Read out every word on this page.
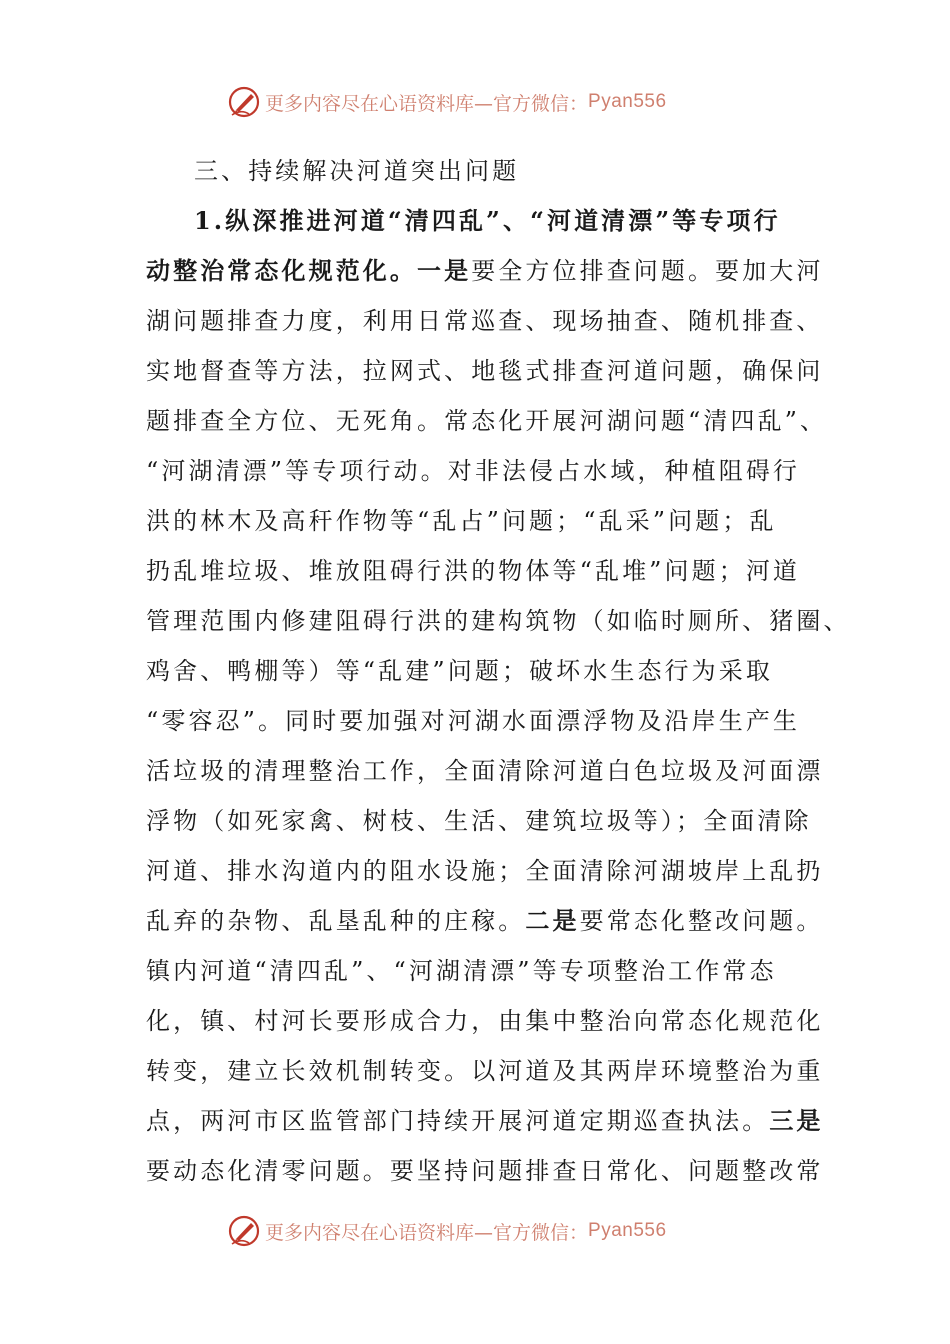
更多内容尽在心语资料库—官方微信： Pyan556
三、持续解决河道突出问题
1.纵深推进河道“清四乱”、“河道清漂”等专项行
动整治常态化规范化。一是要全方位排查问题。要加大河
湖问题排查力度，利用日常巡查、现场抽查、随机排查、
实地督查等方法，拉网式、地毯式排查河道问题，确保问
题排查全方位、无死角。常态化开展河湖问题“清四乱”、
“河湖清漂”等专项行动。对非法侵占水域，种植阻碍行
洪的林木及高秆作物等“乱占”问题；“乱采”问题；乱
扔乱堆垃圾、堆放阻碍行洪的物体等“乱堆”问题；河道
管理范围内修建阻碍行洪的建构筑物（如临时厕所、猪圈、
鸡舍、鸭棚等）等“乱建”问题；破坏水生态行为采取
“零容忍”。同时要加强对河湖水面漂浮物及沿岸生产生
活垃圾的清理整治工作，全面清除河道白色垃圾及河面漂
浮物（如死家禽、树枝、生活、建筑垃圾等）；全面清除
河道、排水沟道内的阻水设施；全面清除河湖坡岸上乱扔
乱弃的杂物、乱垦乱种的庄稼。二是要常态化整改问题。
镇内河道“清四乱”、“河湖清漂”等专项整治工作常态
化，镇、村河长要形成合力，由集中整治向常态化规范化
转变，建立长效机制转变。以河道及其两岸环境整治为重
点，两河市区监管部门持续开展河道定期巡查执法。三是
要动态化清零问题。要坚持问题排查日常化、问题整改常
更多内容尽在心语资料库—官方微信： Pyan556
